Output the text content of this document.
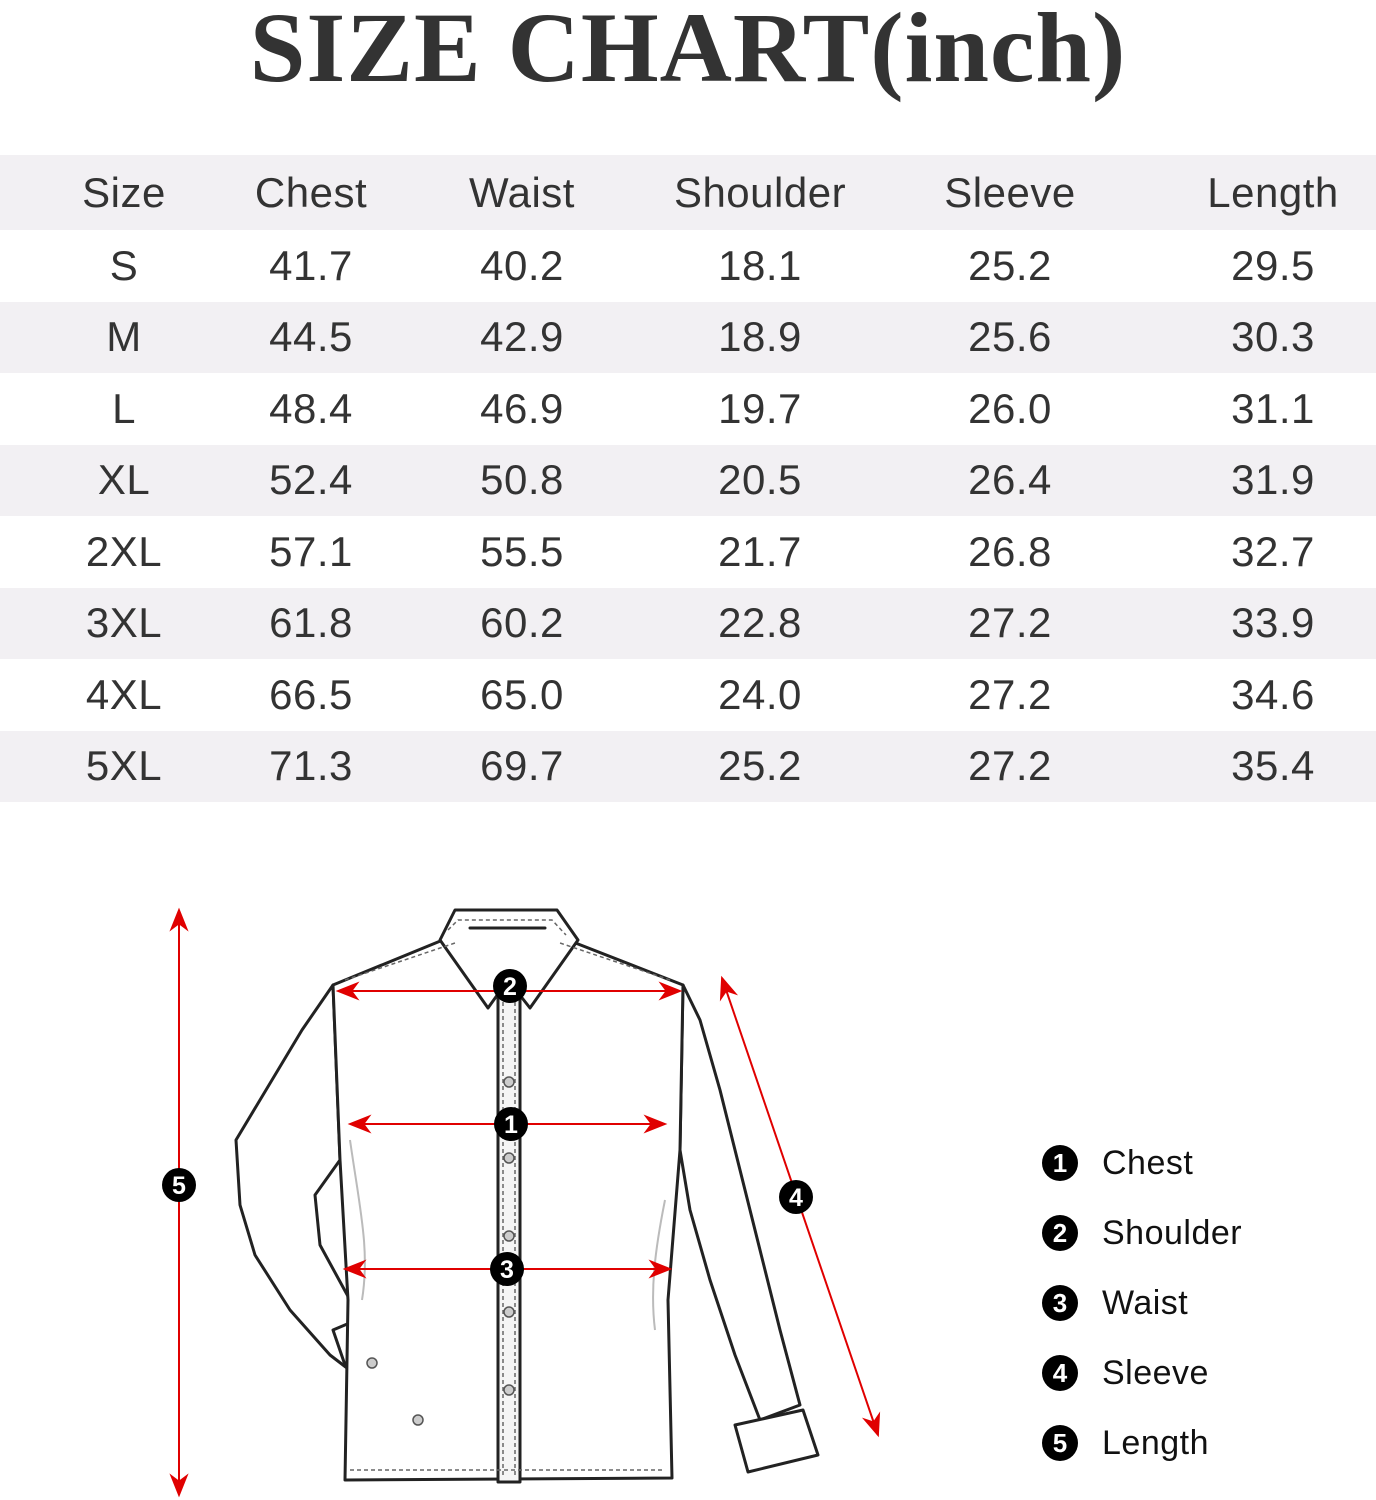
SIZE CHART(inch)
Size	Chest	Waist	Shoulder	Sleeve	Length
S	41.7	40.2	18.1	25.2	29.5
M	44.5	42.9	18.9	25.6	30.3
L	48.4	46.9	19.7	26.0	31.1
XL	52.4	50.8	20.5	26.4	31.9
2XL	57.1	55.5	21.7	26.8	32.7
3XL	61.8	60.2	22.8	27.2	33.9
4XL	66.5	65.0	24.0	27.2	34.6
5XL	71.3	69.7	25.2	27.2	35.4
1
2
3
4
5
1	Chest
2	Shoulder
3	Waist
4	Sleeve
5	Length
